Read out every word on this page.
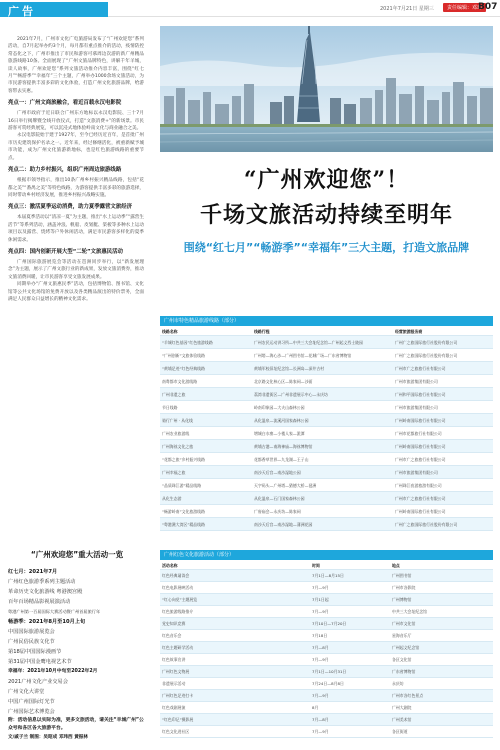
广告	2021年7月21日 星期三	责任编辑：邓玮
B07

2021年7月，广州市文化广电旅游局发布了“广州欢迎您”系列活动，自7月起举办约3个月，每月都有重点推介的活动，疫情防控常态化之下，广州市推出了市民和游客可慕周边次游的新广州精品旅游线路10条。全面展现了“广州文旅品牌特色，讲解千年羊城，读人故事，广州欢迎您”系列文旅活动推介内容丰富，围绕“红七月”“畅游季”“幸福年”三个主题，广州举办1000余场文旅活动，为市民游客提供丰富多彩的文化体验，打造广州文化旅游品牌，给游客带去实惠。

亮点一：广州文商旅融合，看近百载永汉电影院

广州市政府于近日联合广州东方地标以永汉电影院、三十7月16日举行揭牌暨全线开放仪式，打造“文旅消费+”的新场景。市民游客可赏经典展览，可以沉浸式地体验岭南文化与商业融合之美。

永汉电影院始于建于1927年，至今已经历近百年，是首批广州市历史建筑保护名录之一。近年来，经过修缮活化，被重新赋予城市功能，成为广州文化旅游新地标，也是红色旅游线路的重要节点。

亮点二：助力乡村振兴，组织广州周边旅游线路

根据市领导指示，推出10条广州乡村振兴精品线路，包括“花都之美”“番禺之美”等特色线路，为游客提供丰富多彩的旅游选择，同时带动乡村经济发展，推进乡村振兴战略实施。

亮点三：激活夏季运动消费，助力夏季露营文旅经济

本届夏季活动以“清凉一夏”为主题，推出“水上运动季”“露营生活节”等系列活动，涵盖冲浪、帆船、皮划艇、桨板等多种水上运动项目以及露营、烧烤等户外休闲活动，满足市民游客多样化的夏季休闲需求。

亮点四：国内创新开展大型“二轮”文旅惠民活动

广州国际旅游展览会等活动在琶洲同步举行，以“新发展理念”为主题，展示了广州文旅行业的新成果，发放文旅消费券，推动文旅消费回暖，让市民游客享受文旅发展成果。

同期举办“广州文旅惠民季”活动，包括博物馆、图书馆、文化馆等公共文化场馆的免费开放以及各类精品演出的特价票务，全面满足人民群众日益增长的精神文化需求。

“广州欢迎您”重大活动一览
红七月：2021年7月
广州红色旅游季系列主题活动
革命历史文化旅游线 粤港澳宫殿
百年百场精品影视展演活动
粤港广州第一百届国际大赛活动暨广州首届旅行年
畅游季：2021年8月至10月上旬
中国国际旅游展览会
广州民俗民族文化节
第18届中国国际漫画节
第31届中国金鹰电视艺术节
幸福年：2021年10月中旬至2022年2月
2021广州文化产业交易会
广州文化大讲堂
中国广州国际灯光节
广州国际艺术博览会
附：活动信息以实际为准，更多文旅活动，请关注“羊城广州”公众号和各区各大旅游平台。
文/戚子兰 制图：吴昭成 邓玮西 黄振林
“广州欢迎您”！
千场文旅活动持续至明年
围绕“红七月”“畅游季”“幸福年”三大主题，打造文旅品牌
广州市特色精品旅游线路（部分）
线路名称	线路行程	经营旅游服务商
“羊城红色基因”红色旅游线路	广州农民运动讲习所—中共三大会址纪念馆—广州起义烈士陵园	广州广之旅国际旅行社股份有限公司
“广州创新”文旅体验线路	广州塔—海心沙—广州图书馆—花城广场—广东省博物馆	广州广之旅国际旅行社股份有限公司
“黄埔足迹”红色经典线路	黄埔军校旧址纪念馆—长洲岛—深井古村	广州市广之旅旅行社有限公司
南粤都市文化游线路	北京路文化核心区—陈家祠—沙面	广州市旅游集团有限公司
广州非遗之旅	荔湾非遗街区—广州非遗展示中心—永庆坊	广州和平国际旅行社有限公司
节日线路	岭南印象园—大夫山森林公园	广州市旅游集团有限公司
骑行广州 · 从化线	从化温泉—流溪河国家森林公园	广州岭南国际旅行社有限公司
广州农业旅游线	增城白水寨—小楼人家—派潭	广州市花都旅行社有限公司
广州海丝文化之旅	黄埔古港—南海神庙—海丝博物馆	广州岭南国际旅行社有限公司
“花都之旅”乡村振兴线路	花都香草世界—九龙湖—王子山	广州市广之旅旅行社有限公司
广州幸福之旅	南沙天后宫—南沙湿地公园	广州市旅游集团有限公司
“品质珠江游”精品线路	天字码头—广州塔—猎德大桥—琶洲	广州珠江夜游旅游有限公司
从化生态游	从化温泉—石门国家森林公园	广州市广之旅旅行社有限公司
“畅游岭南”文化旅游线路	广府庙会—永庆坊—陈家祠	广州岭南国际旅行社有限公司
“粤港澳大湾区”精品线路	南沙天后宫—南沙湿地—蒲洲花园	广州广之旅国际旅行社股份有限公司
广州红色文化旅游活动（部分）
活动名称	时间	地点
红色经典诵读会	7月1日—8月15日	广州图书馆
红色电影展映活动	7月—9月	广州市各影院
“红心向党”主题展览	7月1日起	广州博物馆
红色旅游线路推介	7月—9月	中共三大会址纪念馆
党史知识竞赛	7月10日—7月20日	广州市文化馆
红色音乐会	7月18日	星海音乐厅
红色主题研学活动	7月—8月	广州起义纪念馆
红色故事宣讲	7月—9月	各区文化馆
广州红色文物展	7月1日—10月31日	广东省博物馆
非遗展示活动	7月24日—8月8日	永庆坊
广州红色足迹打卡	7月—9月	广州市各红色景点
红色戏剧展演	8月	广州大剧院
“红色印记”摄影展	7月—8月	广州美术馆
红色文化进社区	7月—9月	各区街道
